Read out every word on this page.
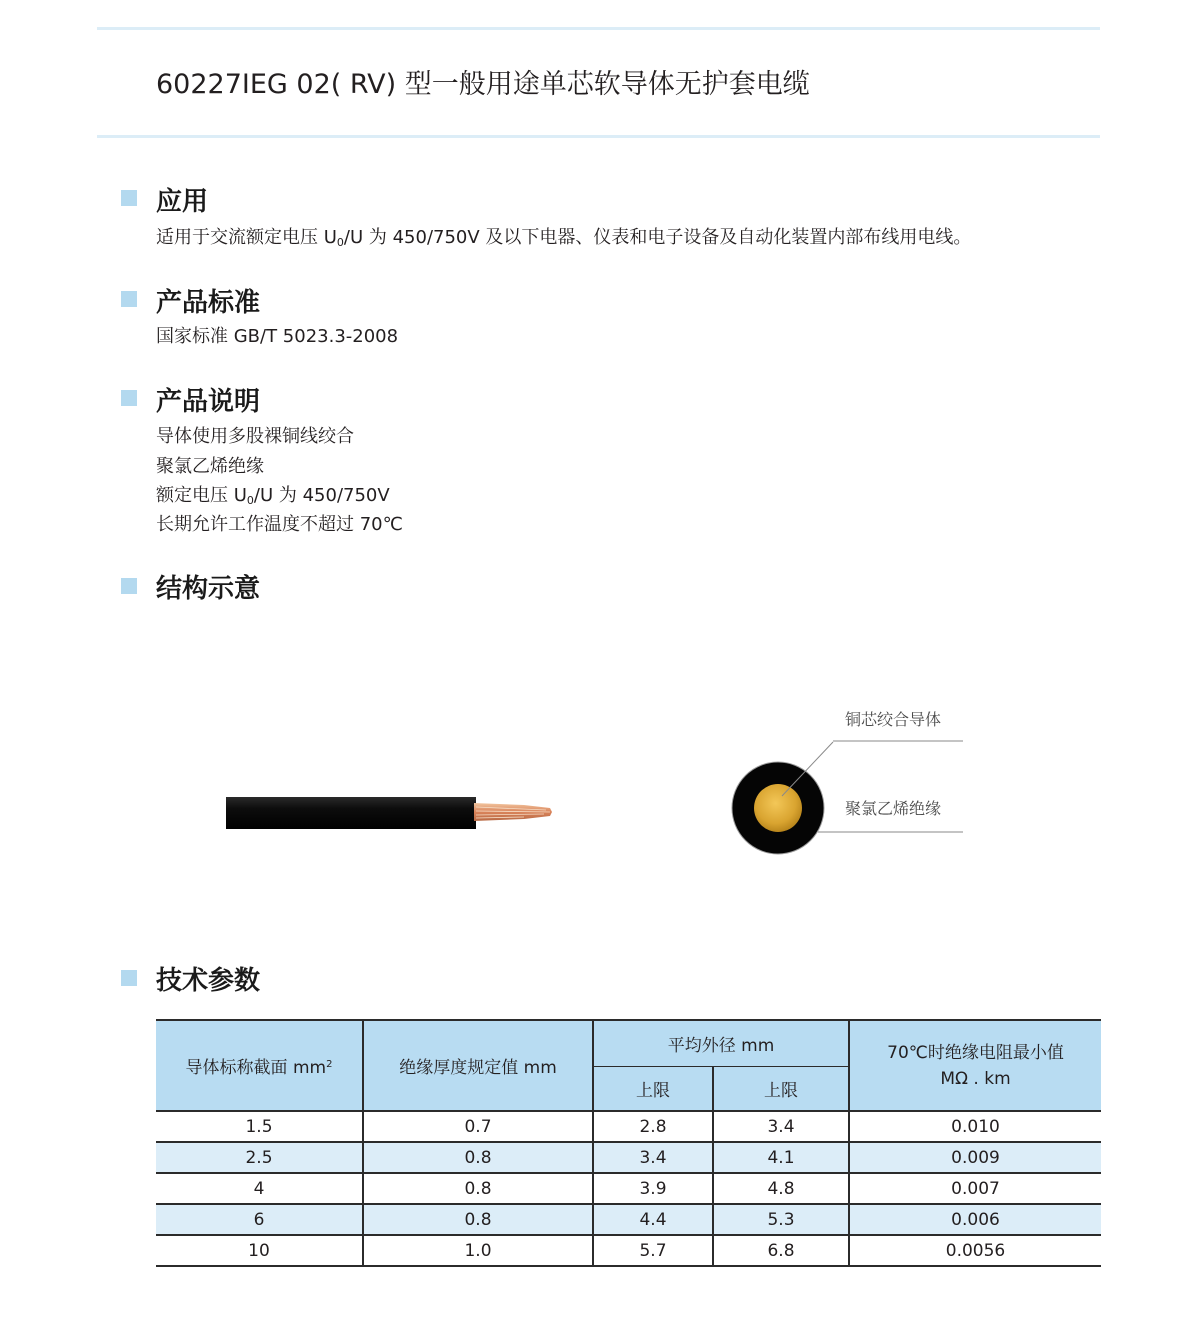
60227IEG 02( RV) 型一般用途单芯软导体无护套电缆
应用
适用于交流额定电压 U0/U 为 450/750V 及以下电器、仪表和电子设备及自动化装置内部布线用电线。
产品标准
国家标准 GB/T 5023.3-2008
产品说明
导体使用多股裸铜线绞合
聚氯乙烯绝缘
额定电压 U0/U 为 450/750V
长期允许工作温度不超过 70℃
结构示意
铜芯绞合导体
聚氯乙烯绝缘
技术参数
导体标称截面 $mm^2$	绝缘厚度规定值 mm	平均外径 mm		70℃时绝缘电阻最小值
MΩ . km

		上限	上限	
1.5	0.7	2.8	3.4	0.010
2.5	0.8	3.4	4.1	0.009
4	0.8	3.9	4.8	0.007
6	0.8	4.4	5.3	0.006
10	1.0	5.7	6.8	0.0056
